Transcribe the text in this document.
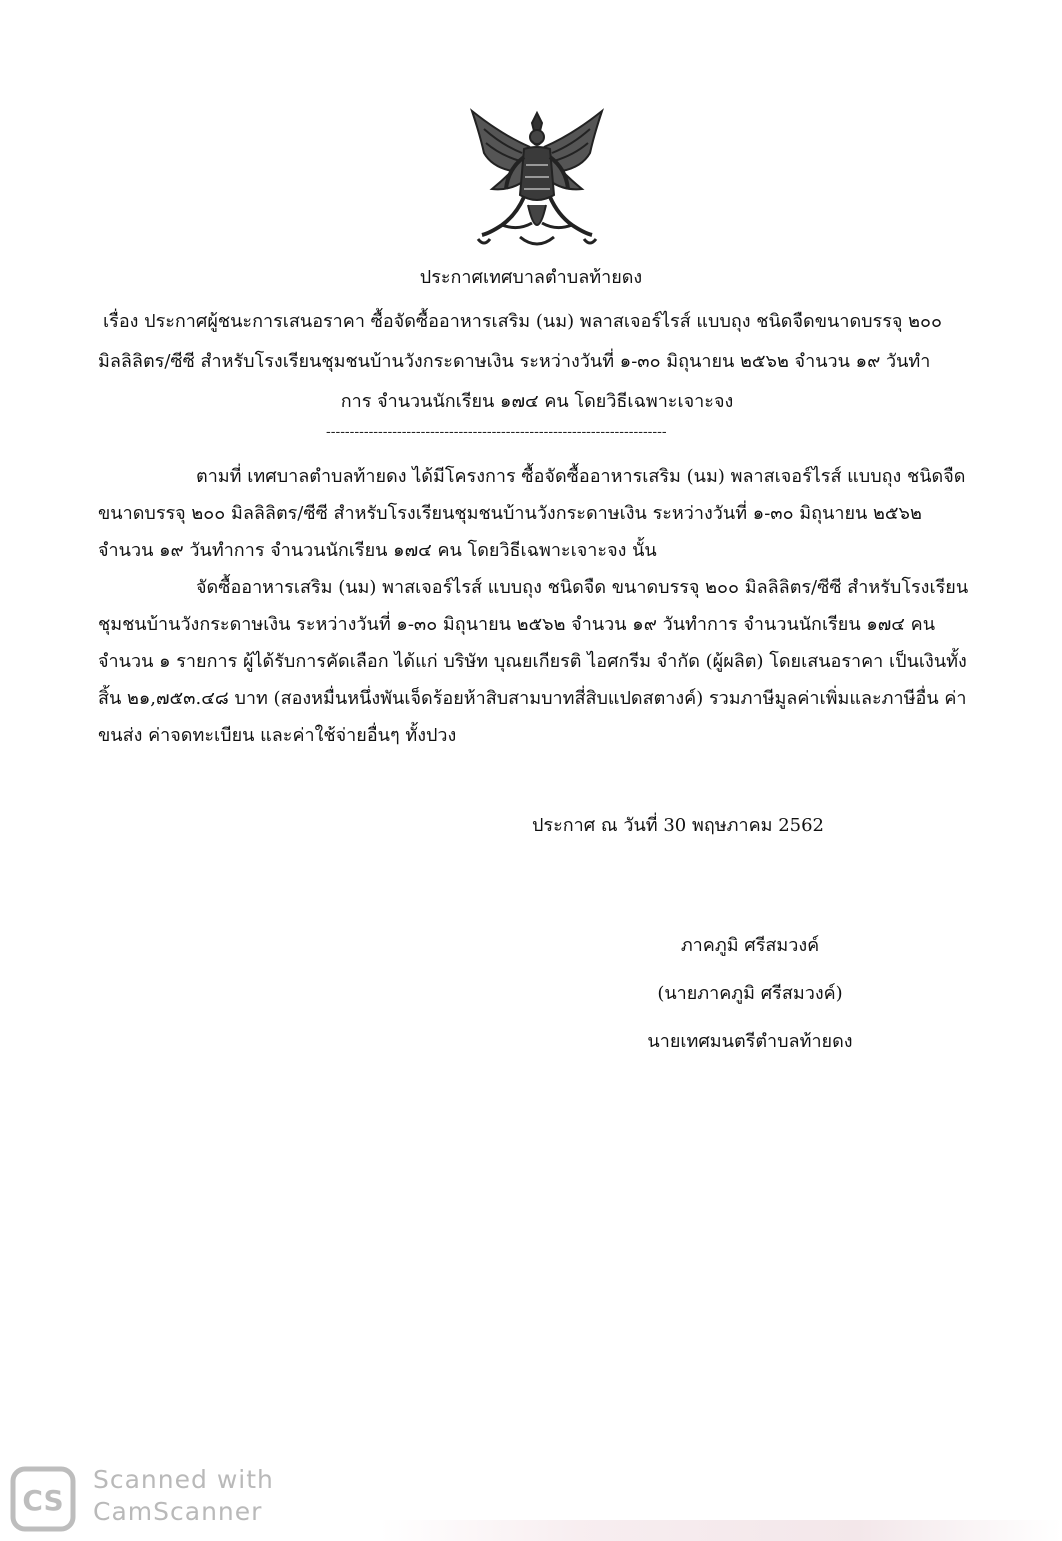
ประกาศเทศบาลตำบลท้ายดง
เรื่อง ประกาศผู้ชนะการเสนอราคา ซื้อจัดซื้ออาหารเสริม (นม) พลาสเจอร์ไรส์ แบบถุง ชนิดจืดขนาดบรรจุ ๒๐๐
มิลลิลิตร/ซีซี สำหรับโรงเรียนชุมชนบ้านวังกระดาษเงิน ระหว่างวันที่ ๑-๓๐ มิถุนายน ๒๕๖๒ จำนวน ๑๙ วันทำ
การ จำนวนนักเรียน ๑๗๔ คน โดยวิธีเฉพาะเจาะจง
------------------------------------------------------------------------
ตามที่ เทศบาลตำบลท้ายดง ได้มีโครงการ ซื้อจัดซื้ออาหารเสริม (นม) พลาสเจอร์ไรส์ แบบถุง ชนิดจืด
ขนาดบรรจุ ๒๐๐ มิลลิลิตร/ซีซี สำหรับโรงเรียนชุมชนบ้านวังกระดาษเงิน ระหว่างวันที่ ๑-๓๐ มิถุนายน ๒๕๖๒
จำนวน ๑๙ วันทำการ จำนวนนักเรียน ๑๗๔ คน โดยวิธีเฉพาะเจาะจง นั้น
จัดซื้ออาหารเสริม (นม) พาสเจอร์ไรส์ แบบถุง ชนิดจืด ขนาดบรรจุ ๒๐๐ มิลลิลิตร/ซีซี สำหรับโรงเรียน
ชุมชนบ้านวังกระดาษเงิน ระหว่างวันที่ ๑-๓๐ มิถุนายน ๒๕๖๒ จำนวน ๑๙ วันทำการ จำนวนนักเรียน ๑๗๔ คน
จำนวน ๑ รายการ ผู้ได้รับการคัดเลือก ได้แก่ บริษัท บุณยเกียรติ ไอศกรีม จำกัด (ผู้ผลิต) โดยเสนอราคา เป็นเงินทั้ง
สิ้น ๒๑,๗๕๓.๔๘ บาท (สองหมื่นหนึ่งพันเจ็ดร้อยห้าสิบสามบาทสี่สิบแปดสตางค์) รวมภาษีมูลค่าเพิ่มและภาษีอื่น ค่า
ขนส่ง ค่าจดทะเบียน และค่าใช้จ่ายอื่นๆ ทั้งปวง
ประกาศ ณ วันที่ 30 พฤษภาคม 2562
ภาคภูมิ ศรีสมวงค์
(นายภาคภูมิ ศรีสมวงค์)
นายเทศมนตรีตำบลท้ายดง
CS
Scanned with
CamScanner
